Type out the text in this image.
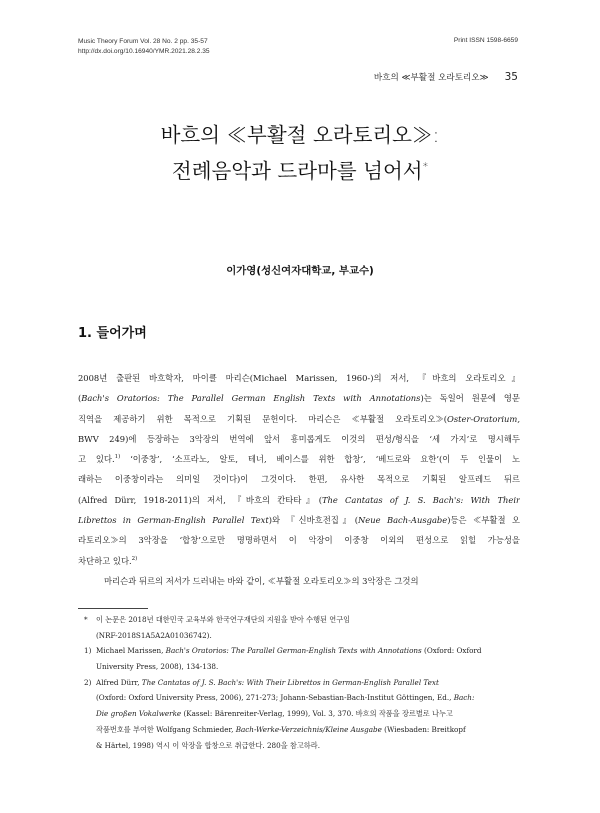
Music Theory Forum Vol. 28 No. 2 pp. 35-57
http://dx.doi.org/10.16940/YMR.2021.28.2.35
Print ISSN 1598-6659
바흐의 ≪부활절 오라토리오≫ 35
바흐의 ≪부활절 오라토리오≫:
전례음악과 드라마를 넘어서*
이가영(성신여자대학교, 부교수)
1. 들어가며
2008년 출판된 바흐학자, 마이클 마리슨(Michael Marissen, 1960-)의 저서, 『바흐의 오라토리오』
(Bach's Oratorios: The Parallel German English Texts with Annotations)는 독일어 원문에 영문
직역을 제공하기 위한 목적으로 기획된 문헌이다. 마리슨은 ≪부활절 오라토리오≫(Oster-Oratorium,
BWV 249)에 등장하는 3악장의 번역에 앞서 흥미롭게도 이것의 편성/형식을 ‘세 가지’로 명시해두
고 있다.$^{1)}$ ‘이중창’, ‘소프라노, 알토, 테너, 베이스를 위한 합창’, ‘베드로와 요한’(이 두 인물이 노
래하는 이중창이라는 의미일 것이다)이 그것이다. 한편, 유사한 목적으로 기획된 알프레드 뒤르
(Alfred Dürr, 1918-2011)의 저서, 『바흐의 칸타타』(The Cantatas of J. S. Bach's: With Their
Librettos in German-English Parallel Text)와 『신바흐전집』(Neue Bach-Ausgabe)등은 ≪부활절 오
라토리오≫의 3악장을 ‘합창’으로만 명명하면서 이 악장이 이중창 이외의 편성으로 읽힐 가능성을
차단하고 있다.$^{2)}$
마리슨과 뒤르의 저서가 드러내는 바와 같이, ≪부활절 오라토리오≫의 3악장은 그것의
* 이 논문은 2018년 대한민국 교육부와 한국연구재단의 지원을 받아 수행된 연구임
(NRF-2018S1A5A2A01036742).
1) Michael Marissen, Bach's Oratorios: The Parallel German-English Texts with Annotations (Oxford: Oxford
University Press, 2008), 134-138.
2) Alfred Dürr, The Cantatas of J. S. Bach's: With Their Librettos in German-English Parallel Text
(Oxford: Oxford University Press, 2006), 271-273; Johann-Sebastian-Bach-Institut Göttingen, Ed., Bach:
Die großen Vokalwerke (Kassel: Bärenreiter-Verlag, 1999), Vol. 3, 370. 바흐의 작품을 장르별로 나누고
작품번호를 부여한 Wolfgang Schmieder, Bach-Werke-Verzeichnis/Kleine Ausgabe (Wiesbaden: Breitkopf
& Härtel, 1998) 역시 이 악장을 합창으로 취급한다. 280을 참고하라.
